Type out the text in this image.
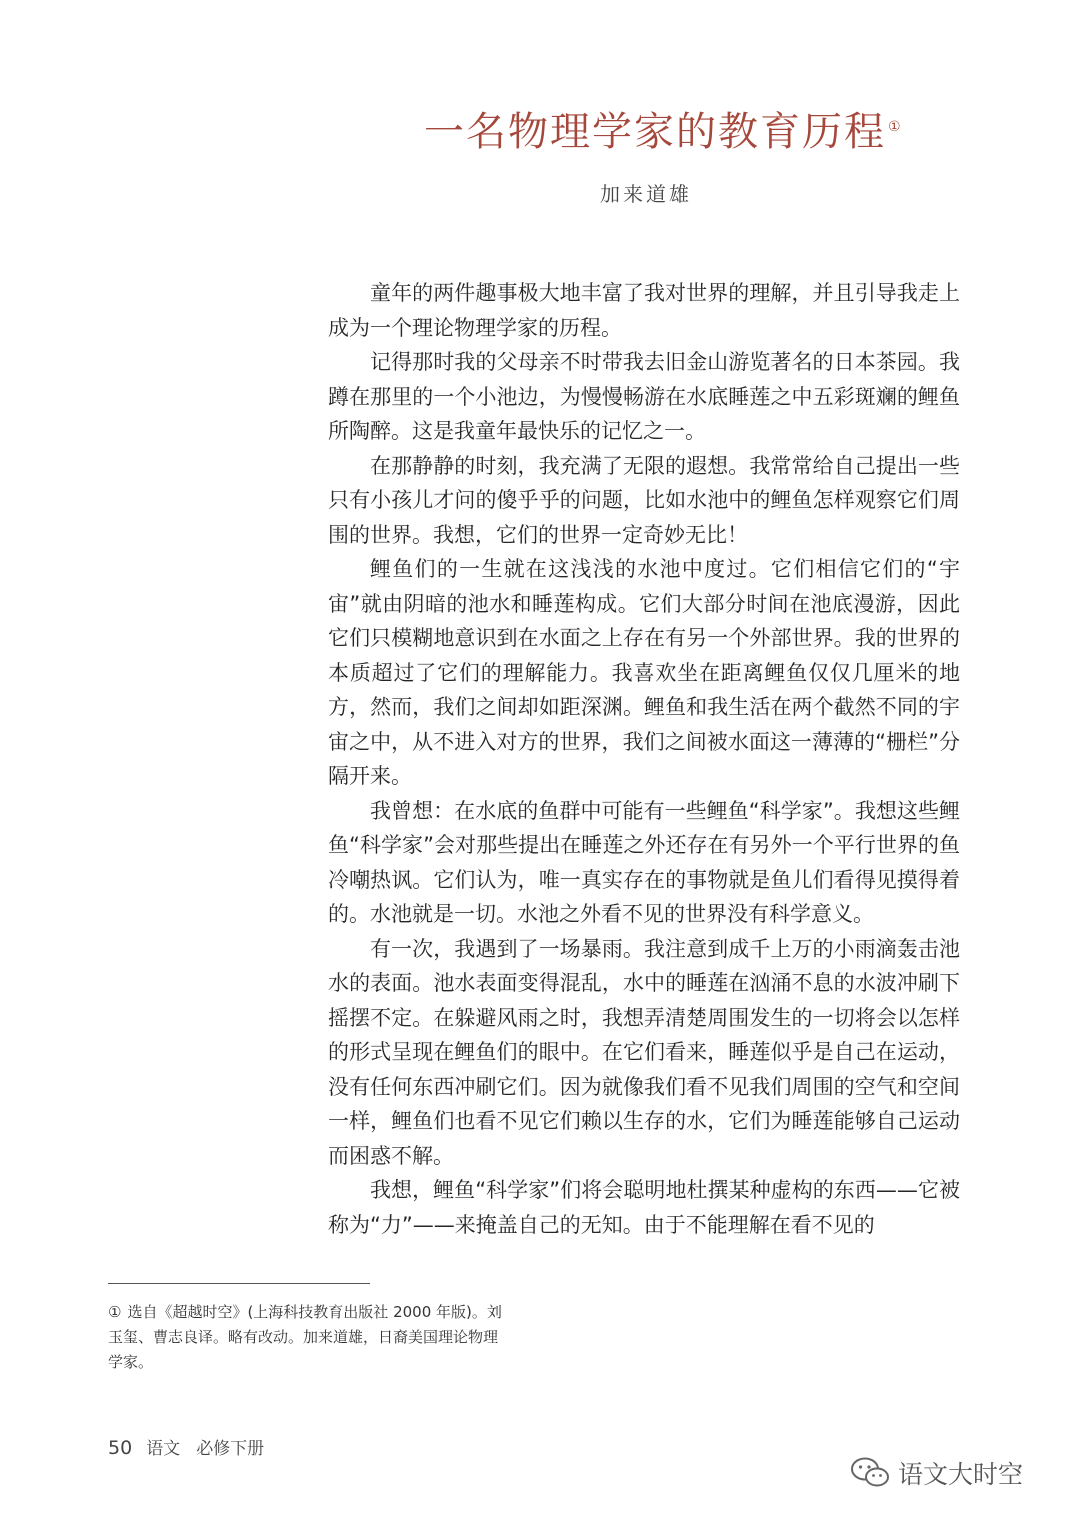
一名物理学家的教育历程 ①
加来道雄

童年的两件趣事极大地丰富了我对世界的理解，并且引导我走上成为一个理论物理学家的历程。

记得那时我的父母亲不时带我去旧金山游览著名的日本茶园。我蹲在那里的一个小池边，为慢慢畅游在水底睡莲之中五彩斑斓的鲤鱼所陶醉。这是我童年最快乐的记忆之一。

在那静静的时刻，我充满了无限的遐想。我常常给自己提出一些只有小孩儿才问的傻乎乎的问题，比如水池中的鲤鱼怎样观察它们周围的世界。我想，它们的世界一定奇妙无比！

鲤鱼们的一生就在这浅浅的水池中度过。它们相信它们的“宇宙”就由阴暗的池水和睡莲构成。它们大部分时间在池底漫游，因此它们只模糊地意识到在水面之上存在有另一个外部世界。我的世界的本质超过了它们的理解能力。我喜欢坐在距离鲤鱼仅仅几厘米的地方，然而，我们之间却如距深渊。鲤鱼和我生活在两个截然不同的宇宙之中，从不进入对方的世界，我们之间被水面这一薄薄的“栅栏”分隔开来。

我曾想：在水底的鱼群中可能有一些鲤鱼“科学家”。我想这些鲤鱼“科学家”会对那些提出在睡莲之外还存在有另外一个平行世界的鱼冷嘲热讽。它们认为，唯一真实存在的事物就是鱼儿们看得见摸得着的。水池就是一切。水池之外看不见的世界没有科学意义。

有一次，我遇到了一场暴雨。我注意到成千上万的小雨滴轰击池水的表面。池水表面变得混乱，水中的睡莲在汹涌不息的水波冲刷下摇摆不定。在躲避风雨之时，我想弄清楚周围发生的一切将会以怎样的形式呈现在鲤鱼们的眼中。在它们看来，睡莲似乎是自己在运动，没有任何东西冲刷它们。因为就像我们看不见我们周围的空气和空间一样，鲤鱼们也看不见它们赖以生存的水，它们为睡莲能够自己运动而困惑不解。

我想，鲤鱼“科学家”们将会聪明地杜撰某种虚构的东西——它被称为“力”——来掩盖自己的无知。由于不能理解在看不见的

① 选自《超越时空》(上海科技教育出版社 2000 年版)。刘玉玺、曹志良译。略有改动。加来道雄，日裔美国理论物理学家。
50 语文 必修下册
语文大时空
